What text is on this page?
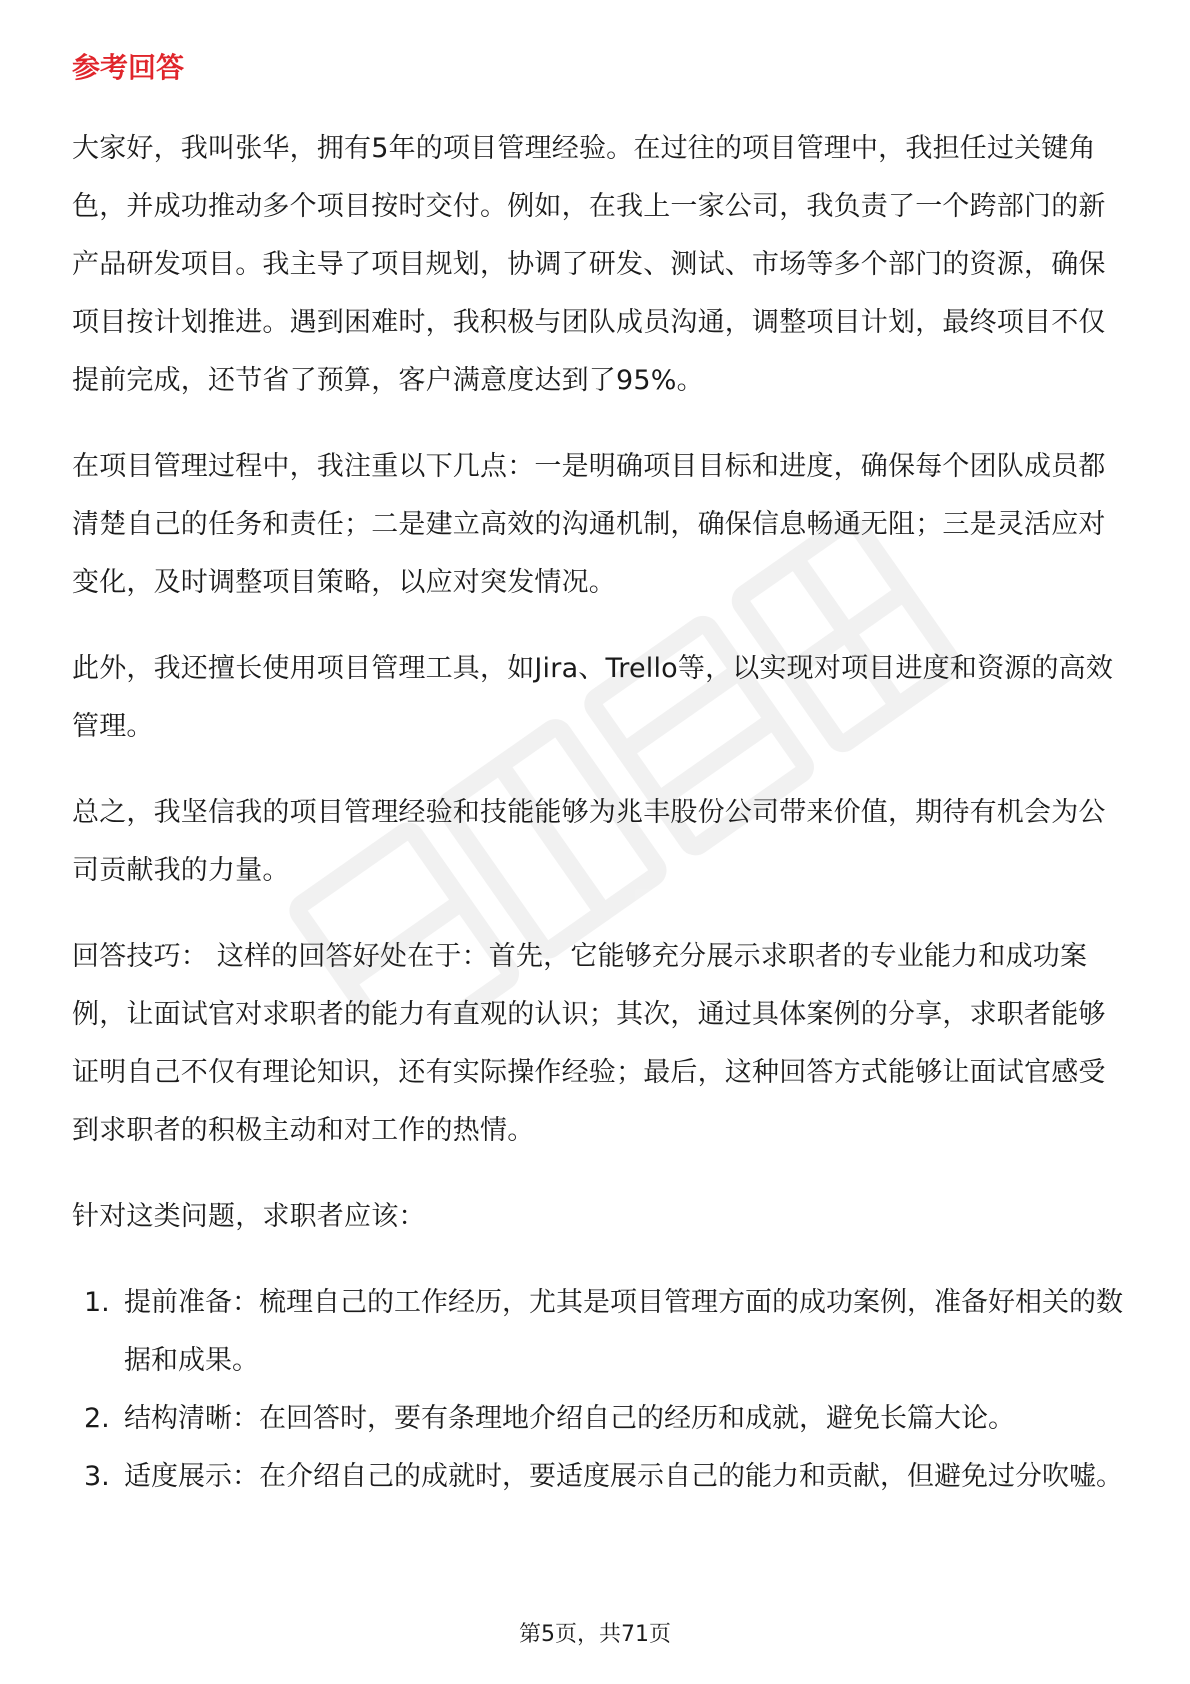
参考回答

大家好，我叫张华，拥有5年的项目管理经验。在过往的项目管理中，我担任过关键角色，并成功推动多个项目按时交付。例如，在我上一家公司，我负责了一个跨部门的新产品研发项目。我主导了项目规划，协调了研发、测试、市场等多个部门的资源，确保项目按计划推进。遇到困难时，我积极与团队成员沟通，调整项目计划，最终项目不仅提前完成，还节省了预算，客户满意度达到了95%。

在项目管理过程中，我注重以下几点：一是明确项目目标和进度，确保每个团队成员都清楚自己的任务和责任；二是建立高效的沟通机制，确保信息畅通无阻；三是灵活应对变化，及时调整项目策略，以应对突发情况。

此外，我还擅长使用项目管理工具，如Jira、Trello等，以实现对项目进度和资源的高效管理。

总之，我坚信我的项目管理经验和技能能够为兆丰股份公司带来价值，期待有机会为公司贡献我的力量。

回答技巧： 这样的回答好处在于：首先，它能够充分展示求职者的专业能力和成功案例，让面试官对求职者的能力有直观的认识；其次，通过具体案例的分享，求职者能够证明自己不仅有理论知识，还有实际操作经验；最后，这种回答方式能够让面试官感受到求职者的积极主动和对工作的热情。

针对这类问题，求职者应该：

1. 提前准备：梳理自己的工作经历，尤其是项目管理方面的成功案例，准备好相关的数据和成果。
2. 结构清晰：在回答时，要有条理地介绍自己的经历和成就，避免长篇大论。
3. 适度展示：在介绍自己的成就时，要适度展示自己的能力和贡献，但避免过分吹嘘。
第5页，共71页
